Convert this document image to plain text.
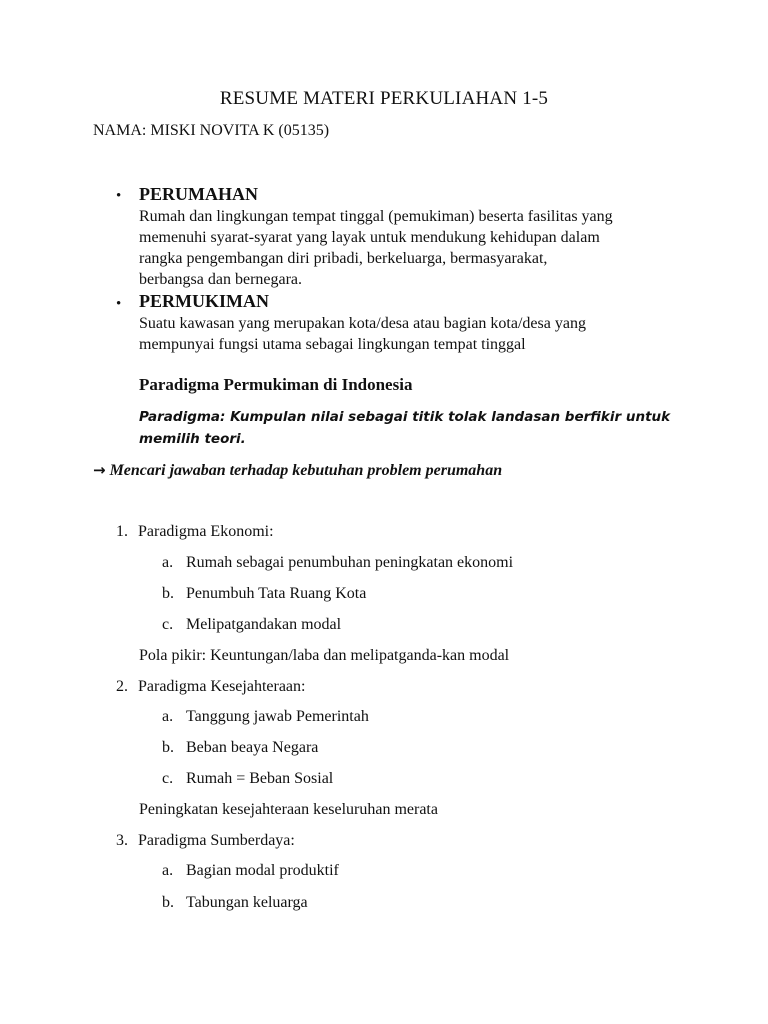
RESUME MATERI PERKULIAHAN 1-5
NAMA: MISKI NOVITA K (05135)
• PERUMAHAN
Rumah dan lingkungan tempat tinggal (pemukiman) beserta fasilitas yang
memenuhi syarat-syarat yang layak untuk mendukung kehidupan dalam
rangka pengembangan diri pribadi, berkeluarga, bermasyarakat,
berbangsa dan bernegara.
• PERMUKIMAN
Suatu kawasan yang merupakan kota/desa atau bagian kota/desa yang
mempunyai fungsi utama sebagai lingkungan tempat tinggal
Paradigma Permukiman di Indonesia
Paradigma: Kumpulan nilai sebagai titik tolak landasan berfikir untuk memilih teori.
→ Mencari jawaban terhadap kebutuhan problem perumahan
1. Paradigma Ekonomi:
a. Rumah sebagai penumbuhan peningkatan ekonomi
b. Penumbuh Tata Ruang Kota
c. Melipatgandakan modal
Pola pikir: Keuntungan/laba dan melipatganda-kan modal
2. Paradigma Kesejahteraan:
a. Tanggung jawab Pemerintah
b. Beban beaya Negara
c. Rumah = Beban Sosial
Peningkatan kesejahteraan keseluruhan merata
3. Paradigma Sumberdaya:
a. Bagian modal produktif
b. Tabungan keluarga
